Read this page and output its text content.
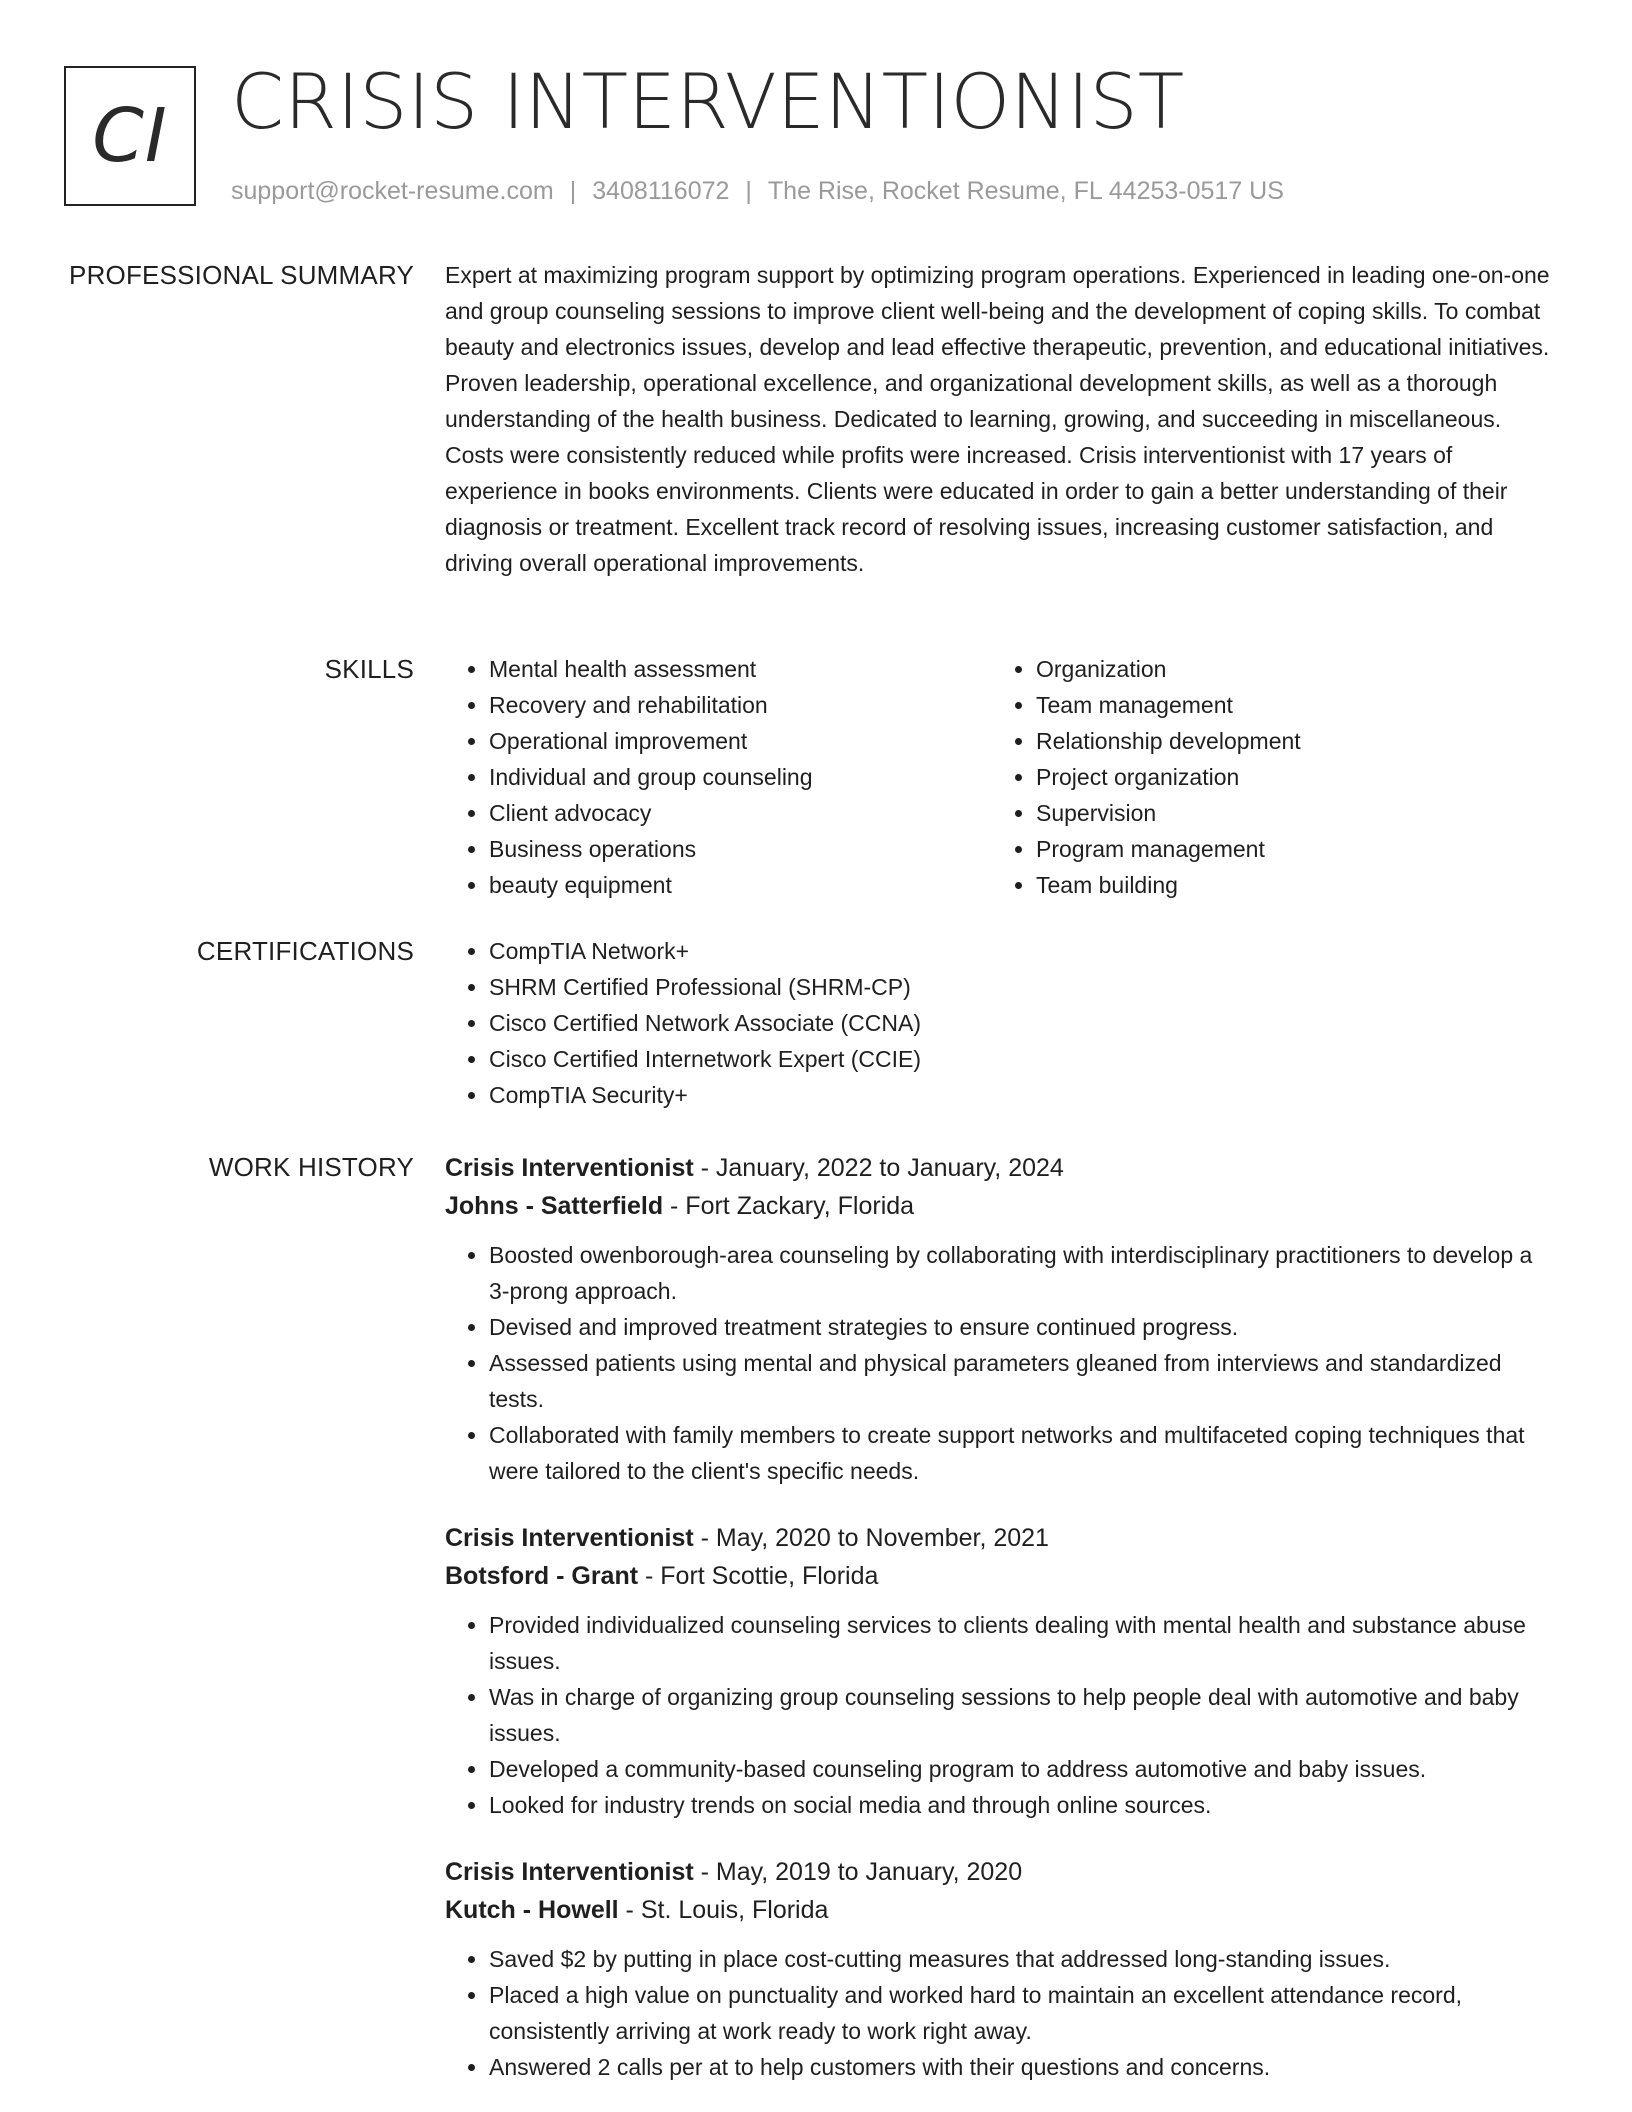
CI CRISIS INTERVENTIONIST
support@rocket-resume.com | 3408116072 | The Rise, Rocket Resume, FL 44253-0517 US
PROFESSIONAL SUMMARY Expert at maximizing program support by optimizing program operations. Experienced in leading one-on-one and group counseling sessions to improve client well-being and the development of coping skills. To combat beauty and electronics issues, develop and lead effective therapeutic, prevention, and educational initiatives. Proven leadership, operational excellence, and organizational development skills, as well as a thorough understanding of the health business. Dedicated to learning, growing, and succeeding in miscellaneous. Costs were consistently reduced while profits were increased. Crisis interventionist with 17 years of experience in books environments. Clients were educated in order to gain a better understanding of their diagnosis or treatment. Excellent track record of resolving issues, increasing customer satisfaction, and driving overall operational improvements.

SKILLS	• Mental health assessment
• Recovery and rehabilitation
• Operational improvement
• Individual and group counseling
• Client advocacy
• Business operations
• beauty equipment
• Organization
• Team management
• Relationship development
• Project organization
• Supervision
• Program management
• Team building
CERTIFICATIONS	• CompTIA Network+
• SHRM Certified Professional (SHRM-CP)
• Cisco Certified Network Associate (CCNA)
• Cisco Certified Internetwork Expert (CCIE)
• CompTIA Security+
WORK HISTORY Crisis Interventionist - January, 2022 to January, 2024
Johns - Satterfield - Fort Zackary, Florida
• Boosted owenborough-area counseling by collaborating with interdisciplinary practitioners to develop a 3-prong approach.
• Devised and improved treatment strategies to ensure continued progress.
• Assessed patients using mental and physical parameters gleaned from interviews and standardized tests.
• Collaborated with family members to create support networks and multifaceted coping techniques that were tailored to the client's specific needs.
Crisis Interventionist - May, 2020 to November, 2021
Botsford - Grant - Fort Scottie, Florida
• Provided individualized counseling services to clients dealing with mental health and substance abuse issues.
• Was in charge of organizing group counseling sessions to help people deal with automotive and baby issues.
• Developed a community-based counseling program to address automotive and baby issues.
• Looked for industry trends on social media and through online sources.
Crisis Interventionist - May, 2019 to January, 2020
Kutch - Howell - St. Louis, Florida
• Saved $2 by putting in place cost-cutting measures that addressed long-standing issues.
• Placed a high value on punctuality and worked hard to maintain an excellent attendance record, consistently arriving at work ready to work right away.
• Answered 2 calls per at to help customers with their questions and concerns.
